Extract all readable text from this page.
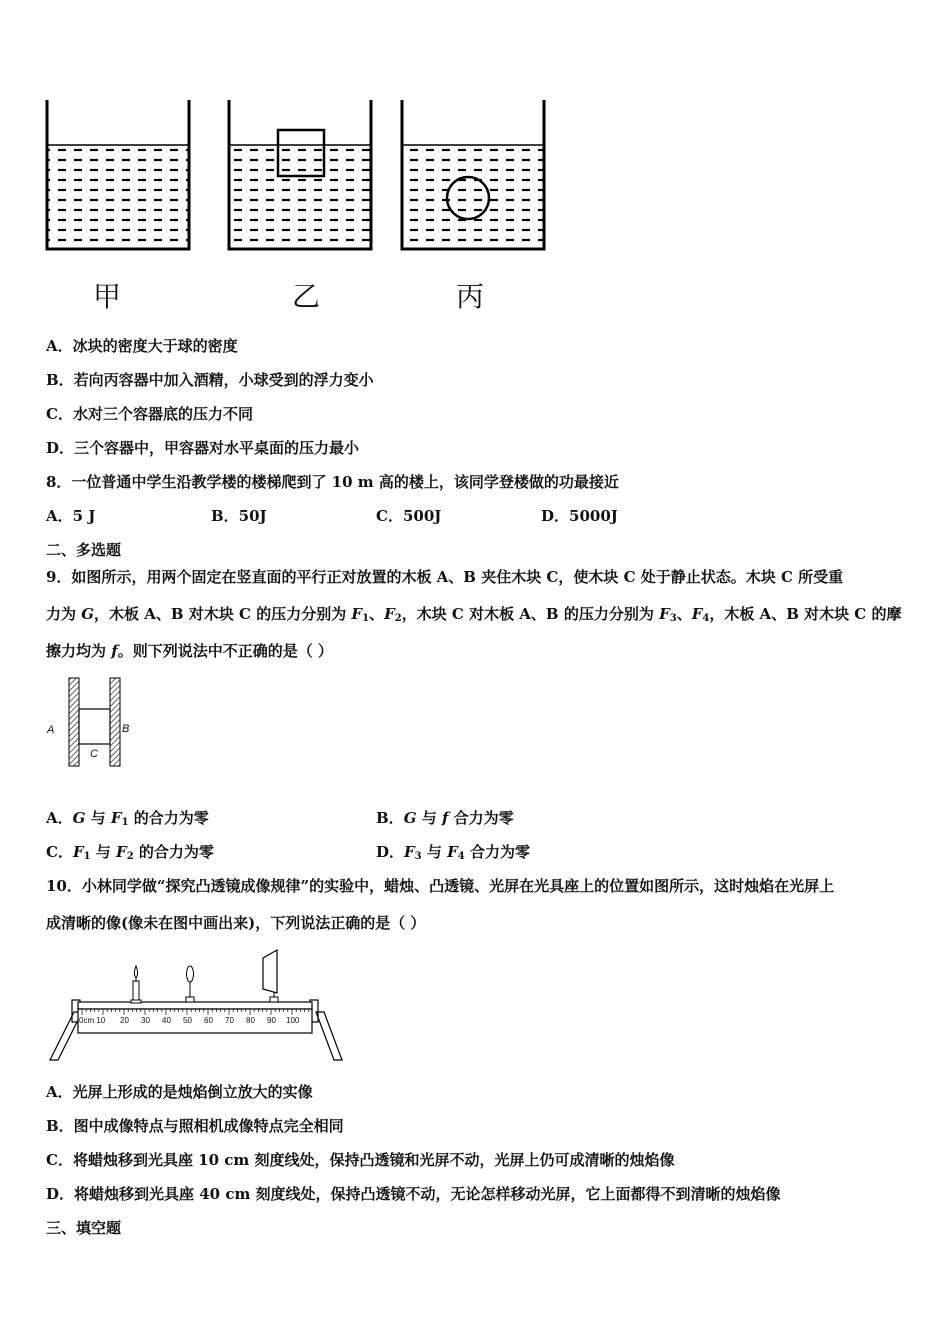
甲	乙	丙
A．冰块的密度大于球的密度
B．若向丙容器中加入酒精，小球受到的浮力变小
C．水对三个容器底的压力不同
D．三个容器中，甲容器对水平桌面的压力最小
8．一位普通中学生沿教学楼的楼梯爬到了 10 m 高的楼上，该同学登楼做的功最接近
A．5 J	B．50J	C．500J	D．5000J
二、多选题
9．如图所示，用两个固定在竖直面的平行正对放置的木板 A、B 夹住木块 C，使木块 C 处于静止状态。木块 C 所受重
力为 G，木板 A、B 对木块 C 的压力分别为 $F_1$、$F_2$，木块 C 对木板 A、B 的压力分别为 $F_3$、$F_4$，木板 A、B 对木块 C 的摩
擦力均为 f。则下列说法中不正确的是（ ）
A	B
C
A．G 与 $F_1$ 的合力为零	B．G 与 f 合力为零
C．$F_1$ 与 $F_2$ 的合力为零	D．$F_3$ 与 $F_4$ 合力为零
10．小林同学做“探究凸透镜成像规律”的实验中，蜡烛、凸透镜、光屏在光具座上的位置如图所示，这时烛焰在光屏上
成清晰的像(像未在图中画出来)，下列说法正确的是（ ）
0cm 10 20 30 40 50 60 70 80 90 100
A．光屏上形成的是烛焰倒立放大的实像
B．图中成像特点与照相机成像特点完全相同
C．将蜡烛移到光具座 10 cm 刻度线处，保持凸透镜和光屏不动，光屏上仍可成清晰的烛焰像
D．将蜡烛移到光具座 40 cm 刻度线处，保持凸透镜不动，无论怎样移动光屏，它上面都得不到清晰的烛焰像
三、填空题
